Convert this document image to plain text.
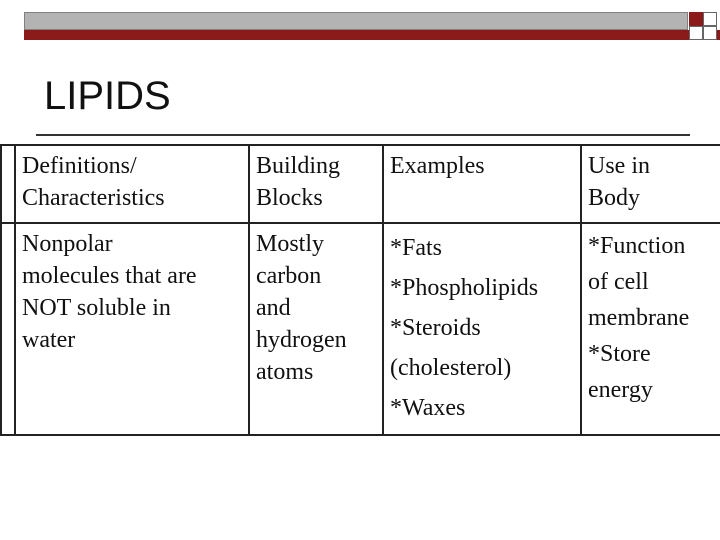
LIPIDS

	Definitions/
Characteristics	Building
Blocks	Examples	Use in
Body

	Nonpolar
molecules that are
NOT soluble in
water	Mostly
carbon
and
hydrogen
atoms	*Fats
*Phospholipids
*Steroids
(cholesterol)
*Waxes	*Function
of cell
membrane
*Store
energy
